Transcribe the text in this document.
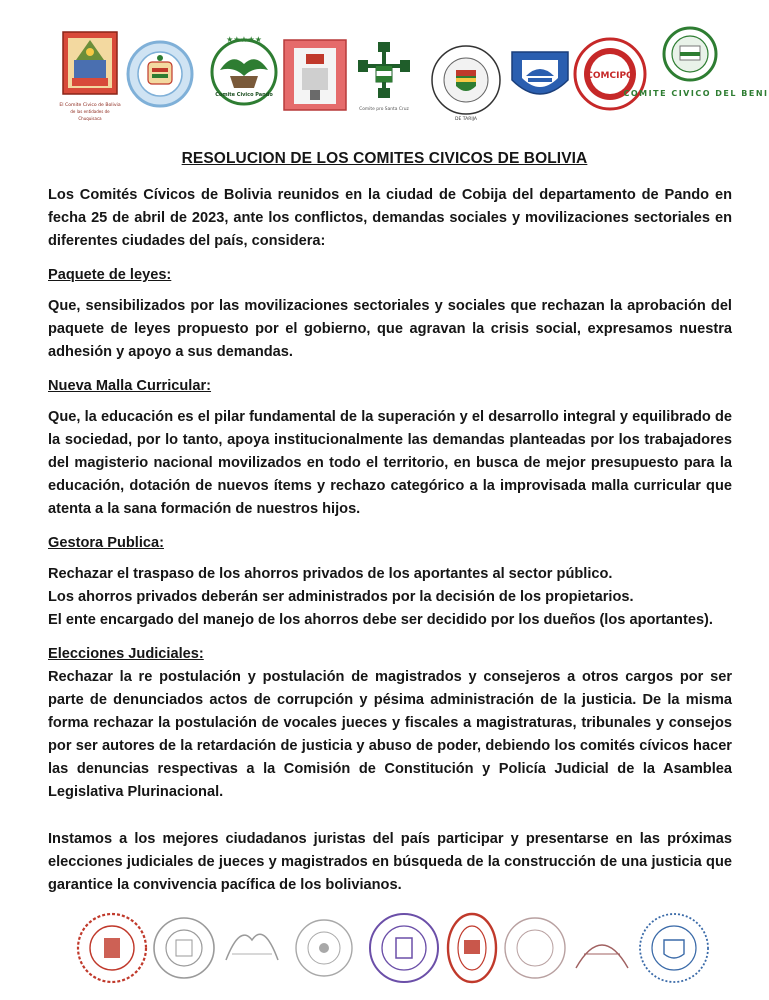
El Comite Civico de Bolivia
de las entidades de
Chuquisaca
★★★★★
Comite Civico Pando
Comite pro Santa Cruz
DE TARIJA
COMCIPO
COMITE CIVICO DEL BENI
RESOLUCION DE LOS COMITES CIVICOS DE BOLIVIA

Los Comités Cívicos de Bolivia reunidos en la ciudad de Cobija del departamento de Pando en fecha 25 de abril de 2023, ante los conflictos, demandas sociales y movilizaciones sectoriales en diferentes ciudades del país, considera:

Paquete de leyes:

Que, sensibilizados por las movilizaciones sectoriales y sociales que rechazan la aprobación del paquete de leyes propuesto por el gobierno, que agravan la crisis social, expresamos nuestra adhesión y apoyo a sus demandas.

Nueva Malla Curricular:

Que, la educación es el pilar fundamental de la superación y el desarrollo integral y equilibrado de la sociedad, por lo tanto, apoya institucionalmente las demandas planteadas por los trabajadores del magisterio nacional movilizados en todo el territorio, en busca de mejor presupuesto para la educación, dotación de nuevos ítems y rechazo categórico a la improvisada malla curricular que atenta a la sana formación de nuestros hijos.

Gestora Publica:

Rechazar el traspaso de los ahorros privados de los aportantes al sector público.

Los ahorros privados deberán ser administrados por la decisión de los propietarios.

El ente encargado del manejo de los ahorros debe ser decidido por los dueños (los aportantes).

Elecciones Judiciales:

Rechazar la re postulación y postulación de magistrados y consejeros a otros cargos por ser parte de denunciados actos de corrupción y pésima administración de la justicia. De la misma forma rechazar la postulación de vocales jueces y fiscales a magistraturas, tribunales y consejos por ser autores de la retardación de justicia y abuso de poder, debiendo los comités cívicos hacer las denuncias respectivas a la Comisión de Constitución y Policía Judicial de la Asamblea Legislativa Plurinacional.

Instamos a los mejores ciudadanos juristas del país participar y presentarse en las próximas elecciones judiciales de jueces y magistrados en búsqueda de la construcción de una justicia que garantice la convivencia pacífica de los bolivianos.
